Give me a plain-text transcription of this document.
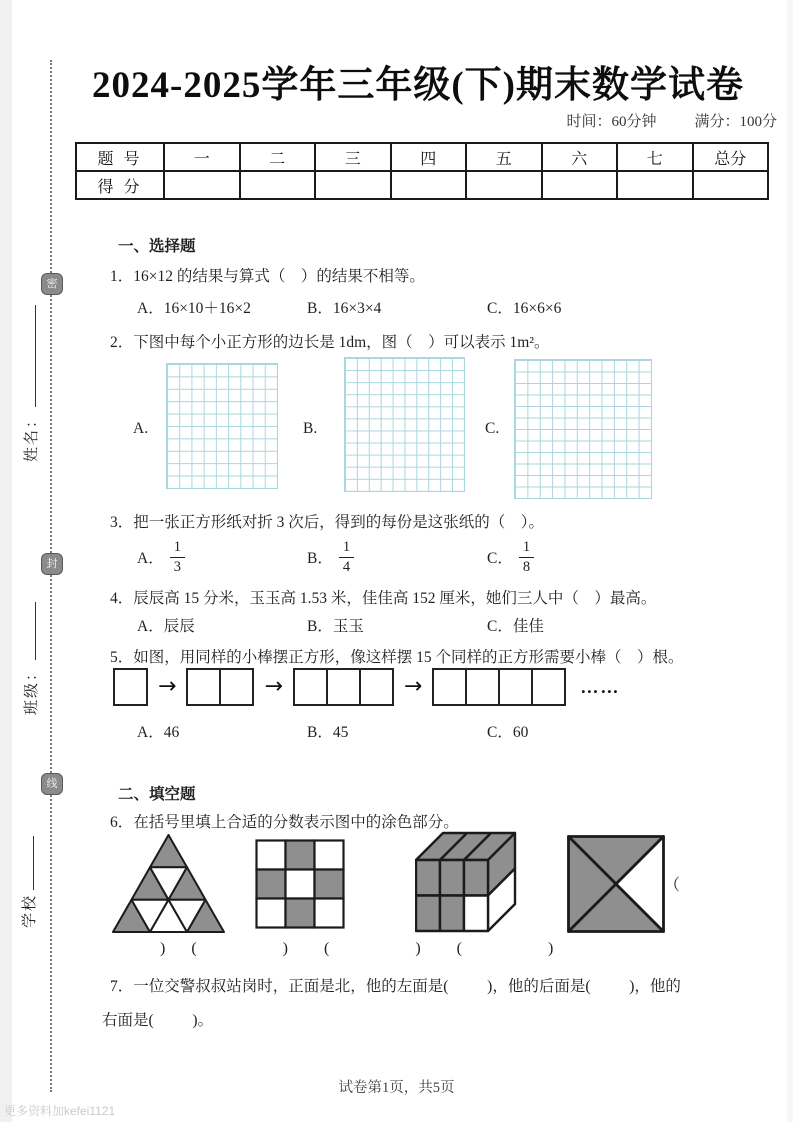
密
封
线
姓名：
班级：
学校
2024-2025学年三年级(下)期末数学试卷
时间：60分钟	满分：100分
题 号	一	二	三	四	五	六	七	总分
得 分								
一、选择题
1．16×12 的结果与算式（　）的结果不相等。
A．16×10＋16×2	B．16×3×4	C．16×6×6
2．下图中每个小正方形的边长是 1dm，图（　）可以表示 1m²。
A.	B.	C.
3．把一张正方形纸对折 3 次后，得到的每份是这张纸的（　）。
A． $\frac{1}{3}$	B． $\frac{1}{4}$	C． $\frac{1}{8}$
4．辰辰高 15 分米，玉玉高 1.53 米，佳佳高 152 厘米，她们三人中（　）最高。
A．辰辰	B．玉玉	C．佳佳
5．如图，用同样的小棒摆正方形，像这样摆 15 个同样的正方形需要小棒（　）根。
→	→	→	……
A．46	B．45	C．60
二、填空题
6．在括号里填上合适的分数表示图中的涂色部分。
（
)  (        )   (        )   (        )
7．一位交警叔叔站岗时，正面是北，他的左面是(          )，他的后面是(          )，他的
右面是(          )。
试卷第1页，共5页
更多资料加kefei1121
